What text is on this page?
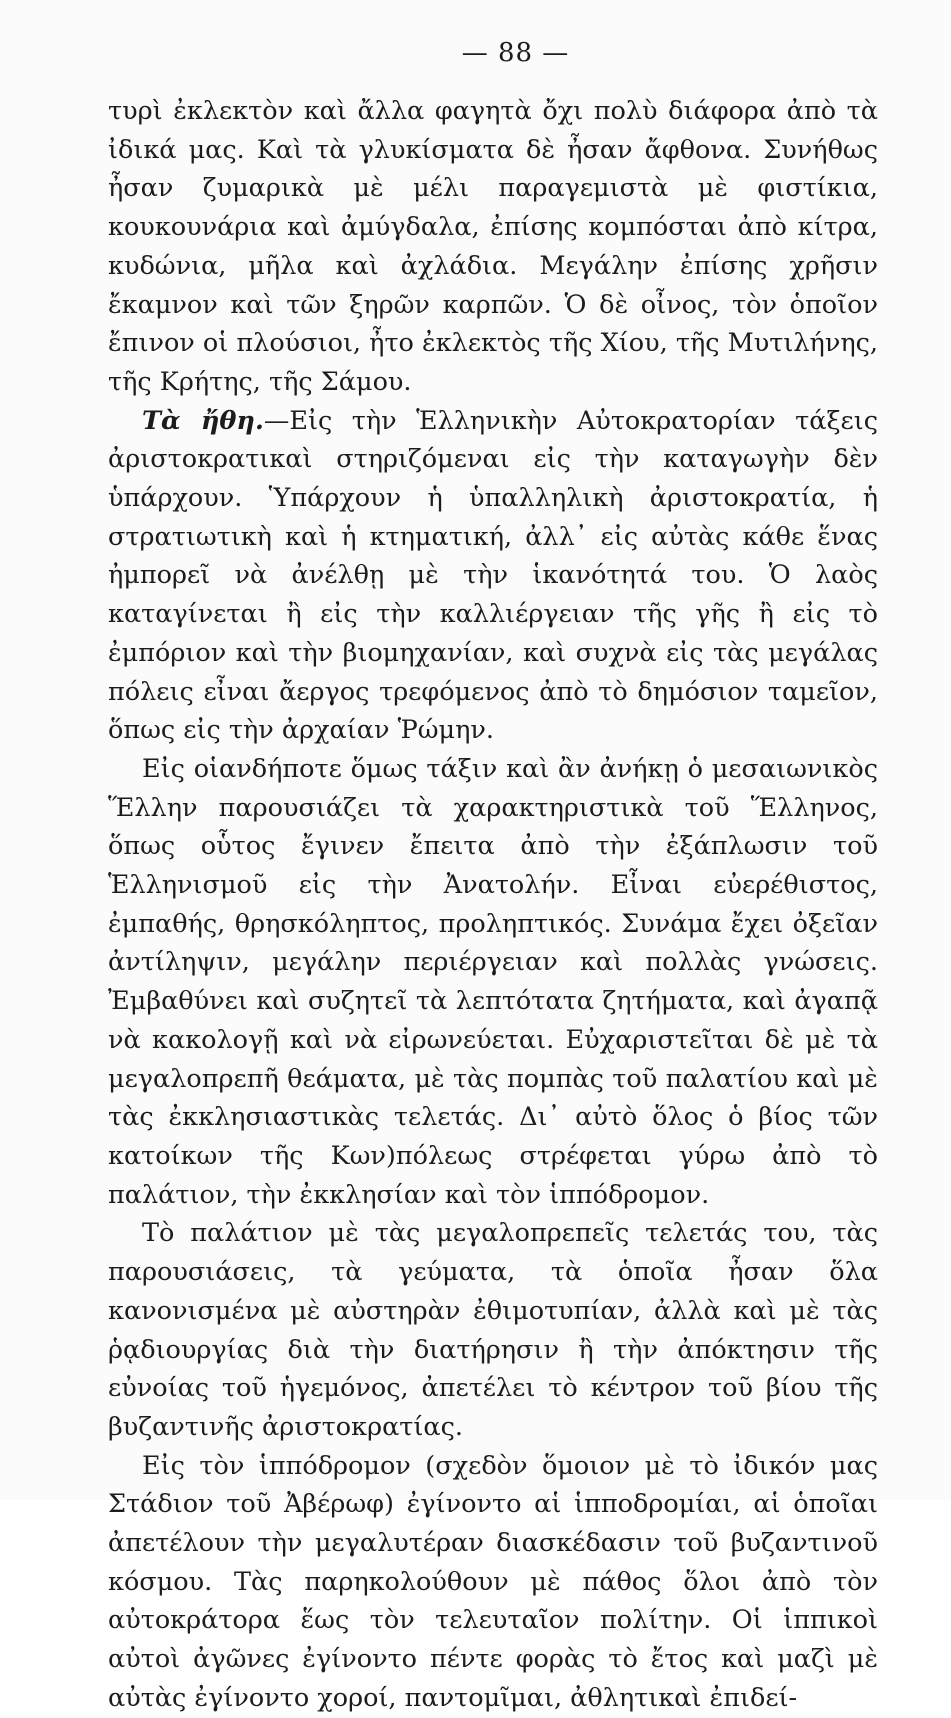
— 88 —

τυρὶ ἐκλεκτὸν καὶ ἄλλα φαγητὰ ὄχι πολὺ διάφορα ἀπὸ τὰ ἰδικά μας. Καὶ τὰ γλυκίσματα δὲ ἦσαν ἄφθονα. Συνήθως ἦσαν ζυμαρικὰ μὲ μέλι παραγεμιστὰ μὲ φιστίκια, κουκουνάρια καὶ ἀμύγδαλα, ἐπίσης κομπόσται ἀπὸ κίτρα, κυδώνια, μῆλα καὶ ἀχλάδια. Μεγάλην ἐπίσης χρῆσιν ἔκαμνον καὶ τῶν ξηρῶν καρπῶν. Ὁ δὲ οἶνος, τὸν ὁποῖον ἔπινον οἱ πλούσιοι, ἦτο ἐκλεκτὸς τῆς Χίου, τῆς Μυτιλήνης, τῆς Κρήτης, τῆς Σάμου.

Τὰ ἤθη.—Εἰς τὴν Ἑλληνικὴν Αὐτοκρατορίαν τάξεις ἀριστοκρατικαὶ στηριζόμεναι εἰς τὴν καταγωγὴν δὲν ὑπάρχουν. Ὑπάρχουν ἡ ὑπαλληλικὴ ἀριστοκρατία, ἡ στρατιωτικὴ καὶ ἡ κτηματική, ἀλλ᾽ εἰς αὐτὰς κάθε ἕνας ἠμπορεῖ νὰ ἀνέλθῃ μὲ τὴν ἱκανότητά του. Ὁ λαὸς καταγίνεται ἢ εἰς τὴν καλλιέργειαν τῆς γῆς ἢ εἰς τὸ ἐμπόριον καὶ τὴν βιομηχανίαν, καὶ συχνὰ εἰς τὰς μεγάλας πόλεις εἶναι ἄεργος τρεφόμενος ἀπὸ τὸ δημόσιον ταμεῖον, ὅπως εἰς τὴν ἀρχαίαν Ῥώμην.

Εἰς οἱανδήποτε ὅμως τάξιν καὶ ἂν ἀνήκῃ ὁ μεσαιωνικὸς Ἕλλην παρουσιάζει τὰ χαρακτηριστικὰ τοῦ Ἕλληνος, ὅπως οὗτος ἔγινεν ἔπειτα ἀπὸ τὴν ἐξάπλωσιν τοῦ Ἑλληνισμοῦ εἰς τὴν Ἀνατολήν. Εἶναι εὐερέθιστος, ἐμπαθής, θρησκόληπτος, προληπτικός. Συνάμα ἔχει ὀξεῖαν ἀντίληψιν, μεγάλην περιέργειαν καὶ πολλὰς γνώσεις. Ἐμβαθύνει καὶ συζητεῖ τὰ λεπτότατα ζητήματα, καὶ ἀγαπᾷ νὰ κακολογῇ καὶ νὰ εἰρωνεύεται. Εὐχαριστεῖται δὲ μὲ τὰ μεγαλοπρεπῆ θεάματα, μὲ τὰς πομπὰς τοῦ παλατίου καὶ μὲ τὰς ἐκκλησιαστικὰς τελετάς. Δι᾽ αὐτὸ ὅλος ὁ βίος τῶν κατοίκων τῆς Κων)πόλεως στρέφεται γύρω ἀπὸ τὸ παλάτιον, τὴν ἐκκλησίαν καὶ τὸν ἱππόδρομον.

Τὸ παλάτιον μὲ τὰς μεγαλοπρεπεῖς τελετάς του, τὰς παρουσιάσεις, τὰ γεύματα, τὰ ὁποῖα ἦσαν ὅλα κανονισμένα μὲ αὐστηρὰν ἐθιμοτυπίαν, ἀλλὰ καὶ μὲ τὰς ῥᾳδιουργίας διὰ τὴν διατήρησιν ἢ τὴν ἀπόκτησιν τῆς εὐνοίας τοῦ ἡγεμόνος, ἀπετέλει τὸ κέντρον τοῦ βίου τῆς βυζαντινῆς ἀριστοκρατίας.

Εἰς τὸν ἱππόδρομον (σχεδὸν ὅμοιον μὲ τὸ ἰδικόν μας Στάδιον τοῦ Ἀβέρωφ) ἐγίνοντο αἱ ἱπποδρομίαι, αἱ ὁποῖαι ἀπετέλουν τὴν μεγαλυτέραν διασκέδασιν τοῦ βυζαντινοῦ κόσμου. Τὰς παρηκολούθουν μὲ πάθος ὅλοι ἀπὸ τὸν αὐτοκράτορα ἕως τὸν τελευταῖον πολίτην. Οἱ ἱππικοὶ αὐτοὶ ἀγῶνες ἐγίνοντο πέντε φορὰς τὸ ἔτος καὶ μαζὶ μὲ αὐτὰς ἐγίνοντο χοροί, παντομῖμαι, ἀθλητικαὶ ἐπιδεί-
